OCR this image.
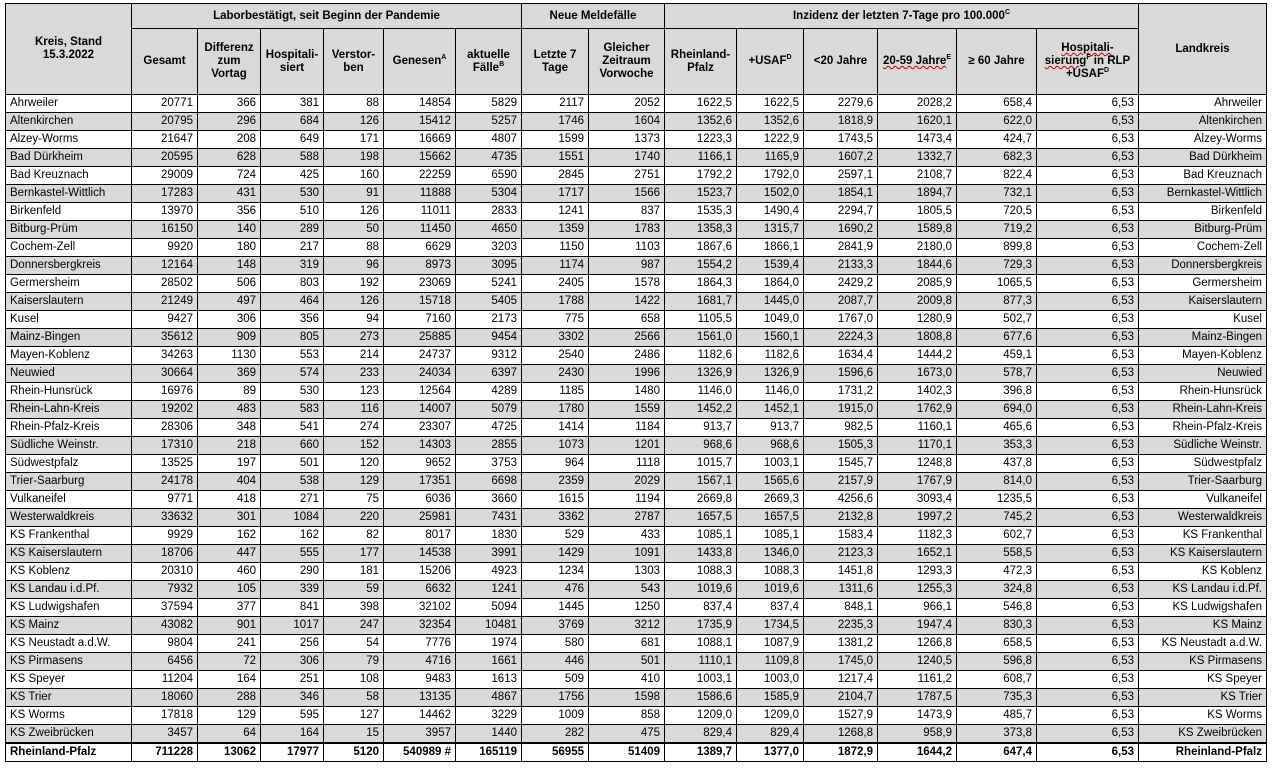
Kreis, Stand 15.3.2022	Laborbestätigt, seit Beginn der Pandemie						Neue Meldefälle		Inzidenz der letzten 7-Tage pro $100.000^C$						Landkreis
	Gesamt	Differenz zum Vortag	Hospitali-siert	Verstor-ben	Genesen$^A$	aktuelle Fälle$^B$	Letzte 7 Tage	Gleicher Zeitraum Vorwoche	Rheinland-Pfalz	$+USAF^D$	<20 Jahre	20-59 Jahre$^E$	≥ 60 Jahre	Hospitali-sierung$^F$ in RLP $+USAF^D$
Ahrweiler	20771	366	381	88	14854	5829	2117	2052	1622,5	1622,5	2279,6	2028,2	658,4	6,53	Ahrweiler
Altenkirchen	20795	296	684	126	15412	5257	1746	1604	1352,6	1352,6	1818,9	1620,1	622,0	6,53	Altenkirchen
Alzey-Worms	21647	208	649	171	16669	4807	1599	1373	1223,3	1222,9	1743,5	1473,4	424,7	6,53	Alzey-Worms
Bad Dürkheim	20595	628	588	198	15662	4735	1551	1740	1166,1	1165,9	1607,2	1332,7	682,3	6,53	Bad Dürkheim
Bad Kreuznach	29009	724	425	160	22259	6590	2845	2751	1792,2	1792,0	2597,1	2108,7	822,4	6,53	Bad Kreuznach
Bernkastel-Wittlich	17283	431	530	91	11888	5304	1717	1566	1523,7	1502,0	1854,1	1894,7	732,1	6,53	Bernkastel-Wittlich
Birkenfeld	13970	356	510	126	11011	2833	1241	837	1535,3	1490,4	2294,7	1805,5	720,5	6,53	Birkenfeld
Bitburg-Prüm	16150	140	289	50	11450	4650	1359	1783	1358,3	1315,7	1690,2	1589,8	719,2	6,53	Bitburg-Prüm
Cochem-Zell	9920	180	217	88	6629	3203	1150	1103	1867,6	1866,1	2841,9	2180,0	899,8	6,53	Cochem-Zell
Donnersbergkreis	12164	148	319	96	8973	3095	1174	987	1554,2	1539,4	2133,3	1844,6	729,3	6,53	Donnersbergkreis
Germersheim	28502	506	803	192	23069	5241	2405	1578	1864,3	1864,0	2429,2	2085,9	1065,5	6,53	Germersheim
Kaiserslautern	21249	497	464	126	15718	5405	1788	1422	1681,7	1445,0	2087,7	2009,8	877,3	6,53	Kaiserslautern
Kusel	9427	306	356	94	7160	2173	775	658	1105,5	1049,0	1767,0	1280,9	502,7	6,53	Kusel
Mainz-Bingen	35612	909	805	273	25885	9454	3302	2566	1561,0	1560,1	2224,3	1808,8	677,6	6,53	Mainz-Bingen
Mayen-Koblenz	34263	1130	553	214	24737	9312	2540	2486	1182,6	1182,6	1634,4	1444,2	459,1	6,53	Mayen-Koblenz
Neuwied	30664	369	574	233	24034	6397	2430	1996	1326,9	1326,9	1596,6	1673,0	578,7	6,53	Neuwied
Rhein-Hunsrück	16976	89	530	123	12564	4289	1185	1480	1146,0	1146,0	1731,2	1402,3	396,8	6,53	Rhein-Hunsrück
Rhein-Lahn-Kreis	19202	483	583	116	14007	5079	1780	1559	1452,2	1452,1	1915,0	1762,9	694,0	6,53	Rhein-Lahn-Kreis
Rhein-Pfalz-Kreis	28306	348	541	274	23307	4725	1414	1184	913,7	913,7	982,5	1160,1	465,6	6,53	Rhein-Pfalz-Kreis
Südliche Weinstr.	17310	218	660	152	14303	2855	1073	1201	968,6	968,6	1505,3	1170,1	353,3	6,53	Südliche Weinstr.
Südwestpfalz	13525	197	501	120	9652	3753	964	1118	1015,7	1003,1	1545,7	1248,8	437,8	6,53	Südwestpfalz
Trier-Saarburg	24178	404	538	129	17351	6698	2359	2029	1567,1	1565,6	2157,9	1767,9	814,0	6,53	Trier-Saarburg
Vulkaneifel	9771	418	271	75	6036	3660	1615	1194	2669,8	2669,3	4256,6	3093,4	1235,5	6,53	Vulkaneifel
Westerwaldkreis	33632	301	1084	220	25981	7431	3362	2787	1657,5	1657,5	2132,8	1997,2	745,2	6,53	Westerwaldkreis
KS Frankenthal	9929	162	162	82	8017	1830	529	433	1085,1	1085,1	1583,4	1182,3	602,7	6,53	KS Frankenthal
KS Kaiserslautern	18706	447	555	177	14538	3991	1429	1091	1433,8	1346,0	2123,3	1652,1	558,5	6,53	KS Kaiserslautern
KS Koblenz	20310	460	290	181	15206	4923	1234	1303	1088,3	1088,3	1451,8	1293,3	472,3	6,53	KS Koblenz
KS Landau i.d.Pf.	7932	105	339	59	6632	1241	476	543	1019,6	1019,6	1311,6	1255,3	324,8	6,53	KS Landau i.d.Pf.
KS Ludwigshafen	37594	377	841	398	32102	5094	1445	1250	837,4	837,4	848,1	966,1	546,8	6,53	KS Ludwigshafen
KS Mainz	43082	901	1017	247	32354	10481	3769	3212	1735,9	1734,5	2235,3	1947,4	830,3	6,53	KS Mainz
KS Neustadt a.d.W.	9804	241	256	54	7776	1974	580	681	1088,1	1087,9	1381,2	1266,8	658,5	6,53	KS Neustadt a.d.W.
KS Pirmasens	6456	72	306	79	4716	1661	446	501	1110,1	1109,8	1745,0	1240,5	596,8	6,53	KS Pirmasens
KS Speyer	11204	164	251	108	9483	1613	509	410	1003,1	1003,0	1217,4	1161,2	608,7	6,53	KS Speyer
KS Trier	18060	288	346	58	13135	4867	1756	1598	1586,6	1585,9	2104,7	1787,5	735,3	6,53	KS Trier
KS Worms	17818	129	595	127	14462	3229	1009	858	1209,0	1209,0	1527,9	1473,9	485,7	6,53	KS Worms
KS Zweibrücken	3457	64	164	15	3957	1440	282	475	829,4	829,4	1268,8	958,9	373,8	6,53	KS Zweibrücken
Rheinland-Pfalz	711228	13062	17977	5120	540989 #	165119	56955	51409	1389,7	1377,0	1872,9	1644,2	647,4	6,53	Rheinland-Pfalz
